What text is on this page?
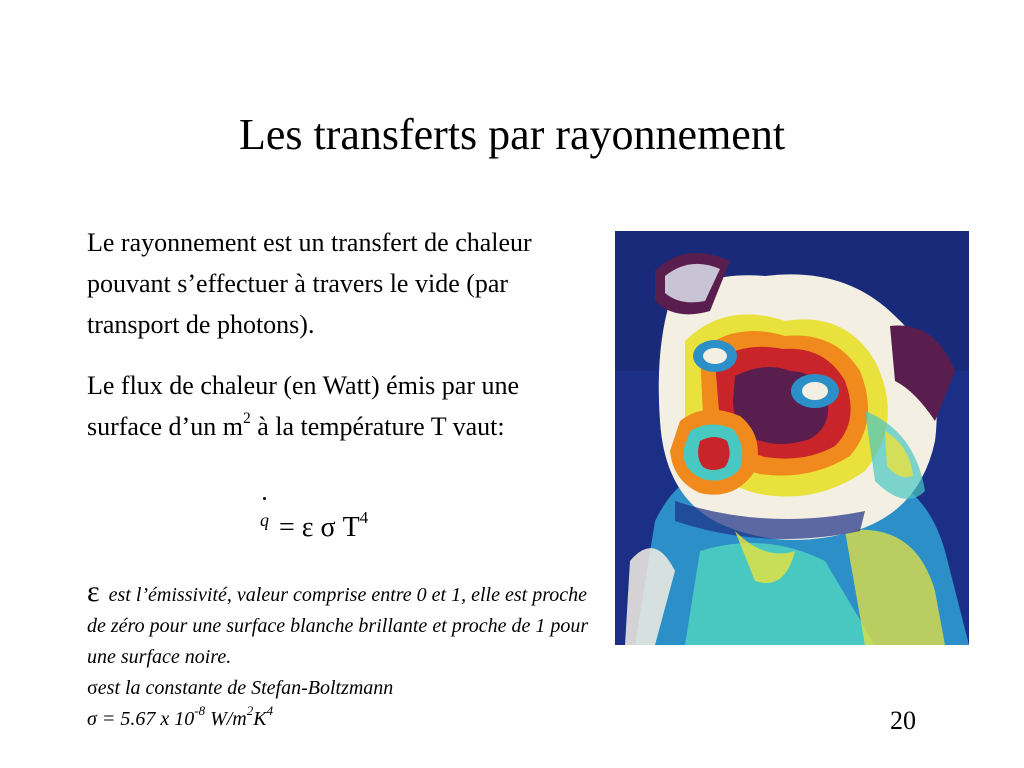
Les transferts par rayonnement
Le rayonnement est un transfert de chaleur pouvant s’effectuer à travers le vide (par transport de photons).
Le flux de chaleur (en Watt) émis par une surface d’un $m^2$ à la température T vaut:
q = ε σ $T^4$
ε est l’émissivité, valeur comprise entre 0 et 1, elle est proche de zéro pour une surface blanche brillante et proche de 1 pour une surface noire.
σest la constante de Stefan-Boltzmann
σ = 5.67 x $10^{-8}$ $W/m^2K^4$	20
